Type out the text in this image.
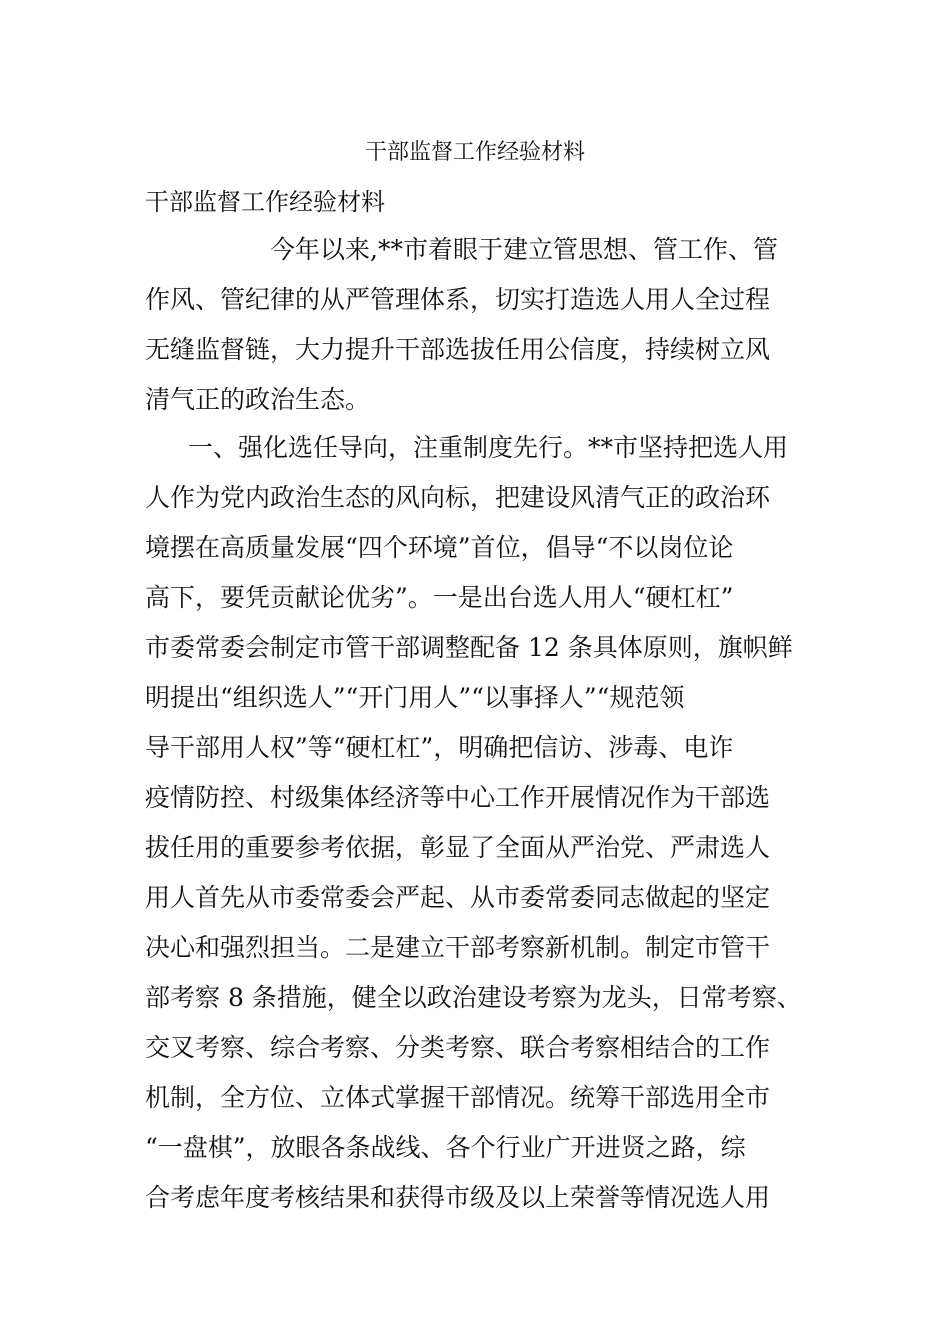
干部监督工作经验材料
干部监督工作经验材料
今年以来,**市着眼于建立管思想、管工作、管
作风、管纪律的从严管理体系，切实打造选人用人全过程
无缝监督链，大力提升干部选拔任用公信度，持续树立风
清气正的政治生态。
一、强化选任导向，注重制度先行。**市坚持把选人用
人作为党内政治生态的风向标，把建设风清气正的政治环
境摆在高质量发展“四个环境”首位，倡导“不以岗位论
高下，要凭贡献论优劣”。一是出台选人用人“硬杠杠”
市委常委会制定市管干部调整配备 12 条具体原则，旗帜鲜
明提出“组织选人”“开门用人”“以事择人”“规范领
导干部用人权”等“硬杠杠”，明确把信访、涉毒、电诈
疫情防控、村级集体经济等中心工作开展情况作为干部选
拔任用的重要参考依据，彰显了全面从严治党、严肃选人
用人首先从市委常委会严起、从市委常委同志做起的坚定
决心和强烈担当。二是建立干部考察新机制。制定市管干
部考察 8 条措施，健全以政治建设考察为龙头，日常考察、
交叉考察、综合考察、分类考察、联合考察相结合的工作
机制，全方位、立体式掌握干部情况。统筹干部选用全市
“一盘棋”，放眼各条战线、各个行业广开进贤之路，综
合考虑年度考核结果和获得市级及以上荣誉等情况选人用
